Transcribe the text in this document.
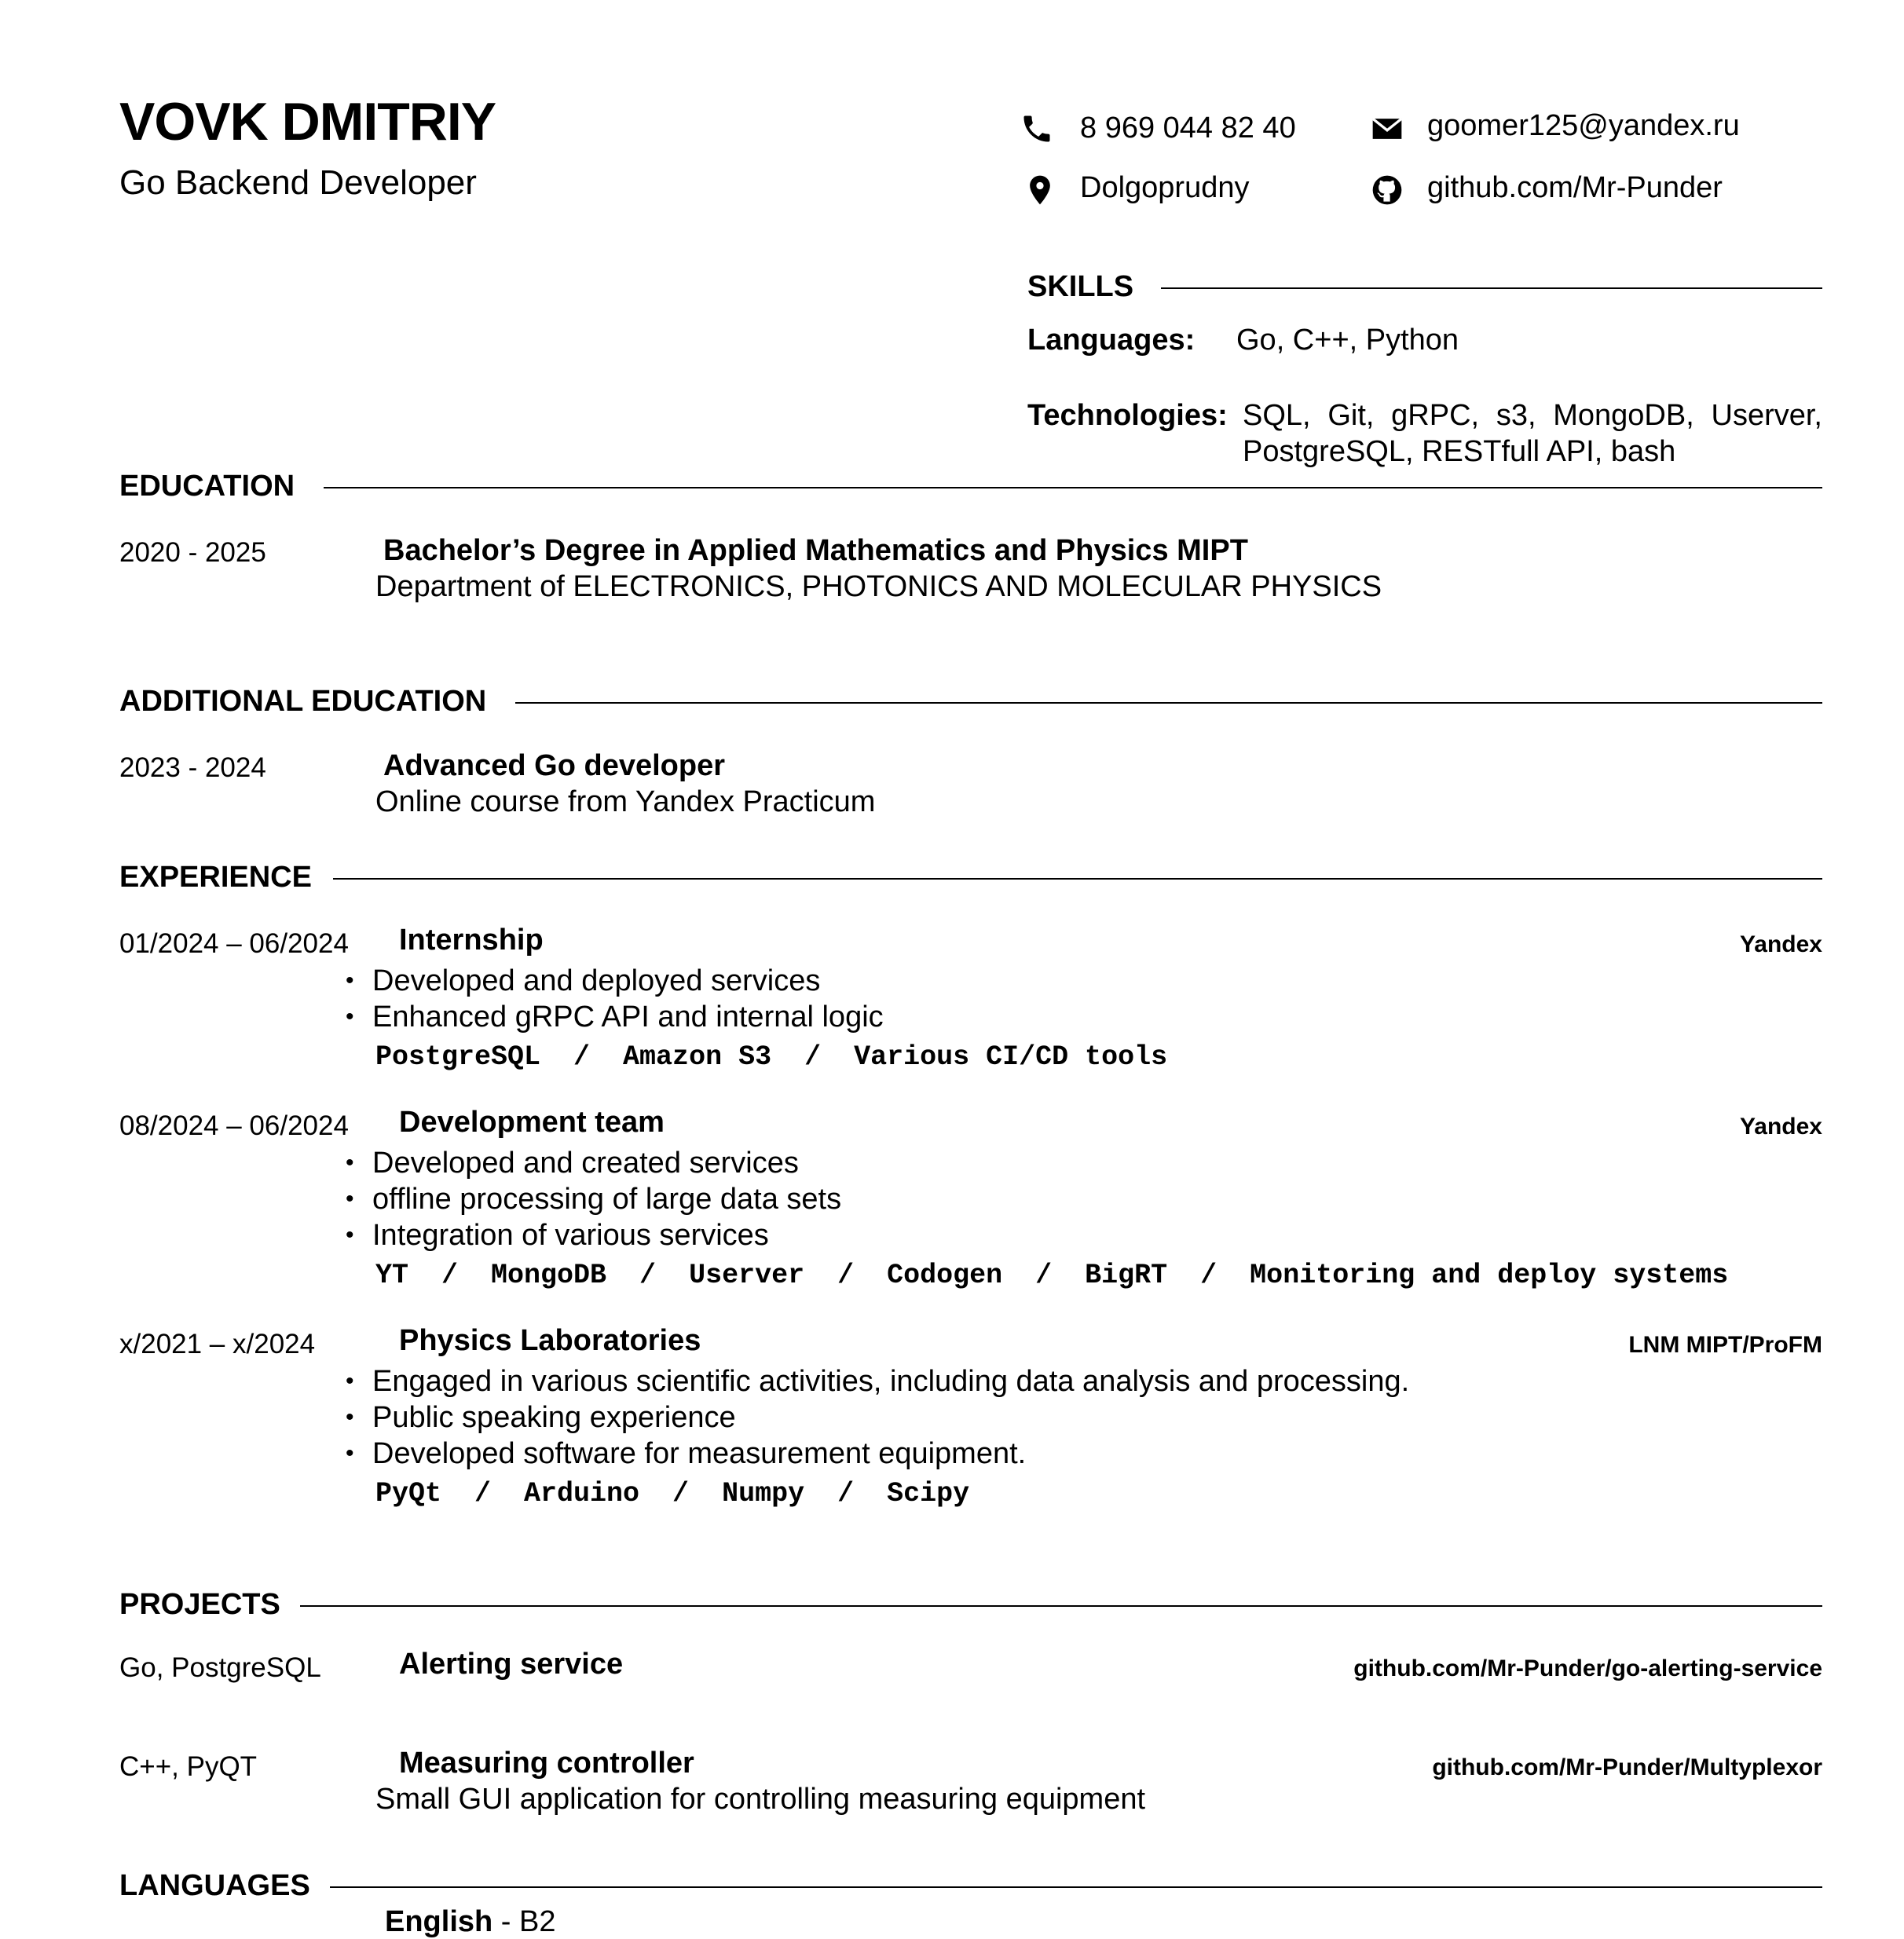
VOVK DMITRIY
Go Backend Developer
8 969 044 82 40	goomer125@yandex.ru
Dolgoprudny	github.com/Mr-Punder
SKILLS
Languages: Go, C++, Python
Technologies: SQL, Git, gRPC, s3, MongoDB, Userver,
PostgreSQL, RESTfull API, bash
EDUCATION
2020 - 2025	Bachelor’s Degree in Applied Mathematics and Physics MIPT
Department of ELECTRONICS, PHOTONICS AND MOLECULAR PHYSICS
ADDITIONAL EDUCATION
2023 - 2024	Advanced Go developer
Online course from Yandex Practicum
EXPERIENCE
01/2024 – 06/2024 Internship	Yandex
• Developed and deployed services
• Enhanced gRPC API and internal logic
PostgreSQL  /  Amazon S3  /  Various CI/CD tools
08/2024 – 06/2024 Development team	Yandex
• Developed and created services
• offline processing of large data sets
• Integration of various services
YT  /  MongoDB  /  Userver  /  Codogen  /  BigRT  /  Monitoring and deploy systems
x/2021 – x/2024	Physics Laboratories	LNM MIPT/ProFM
• Engaged in various scientific activities, including data analysis and processing.
• Public speaking experience
• Developed software for measurement equipment.
PyQt  /  Arduino  /  Numpy  /  Scipy
PROJECTS
Go, PostgreSQL	Alerting service	github.com/Mr-Punder/go-alerting-service
C++, PyQT	Measuring controller	github.com/Mr-Punder/Multyplexor
Small GUI application for controlling measuring equipment
LANGUAGES
English - B2
